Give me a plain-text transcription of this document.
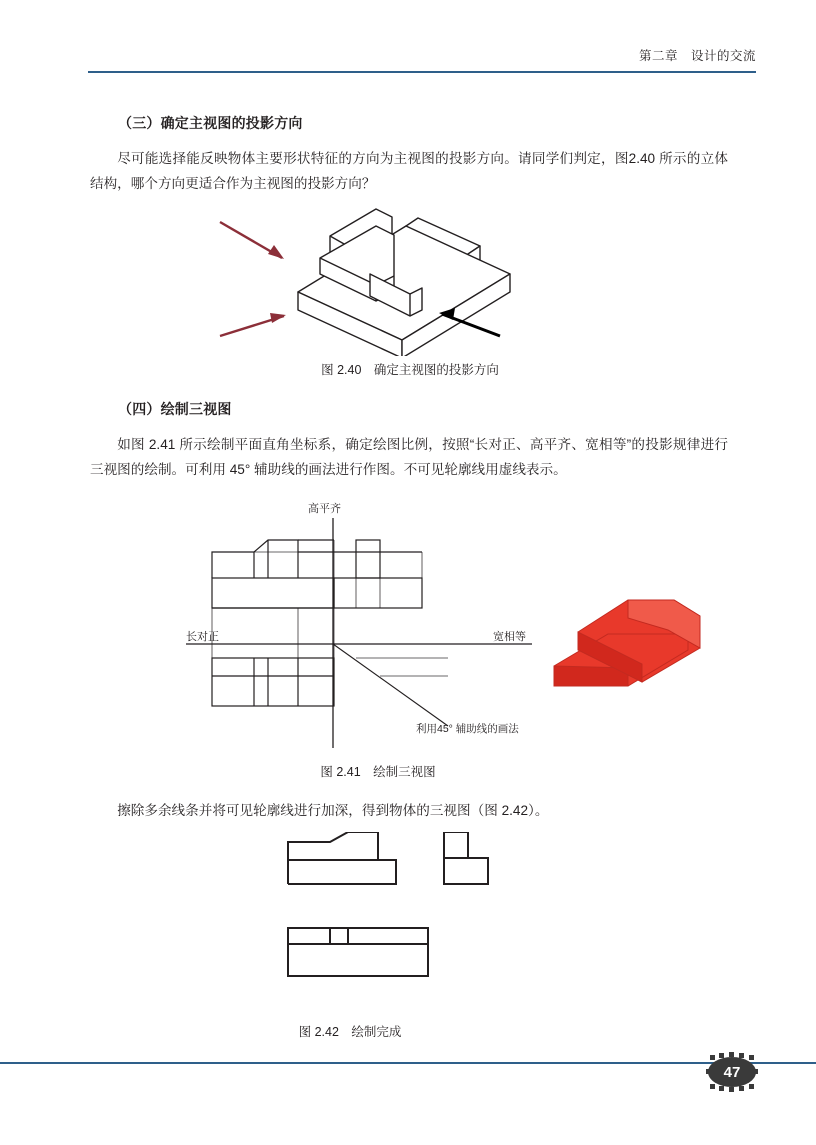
第二章　设计的交流
（三）确定主视图的投影方向
尽可能选择能反映物体主要形状特征的方向为主视图的投影方向。请同学们判定，图2.40 所示的立体结构，哪个方向更适合作为主视图的投影方向？
图 2.40　确定主视图的投影方向
（四）绘制三视图
如图 2.41 所示绘制平面直角坐标系，确定绘图比例，按照“长对正、高平齐、宽相等”的投影规律进行三视图的绘制。可利用 45° 辅助线的画法进行作图。不可见轮廓线用虚线表示。
高平齐
长对正	宽相等
利用45° 辅助线的画法
图 2.41　绘制三视图
擦除多余线条并将可见轮廓线进行加深，得到物体的三视图（图 2.42）。
图 2.42　绘制完成
47
